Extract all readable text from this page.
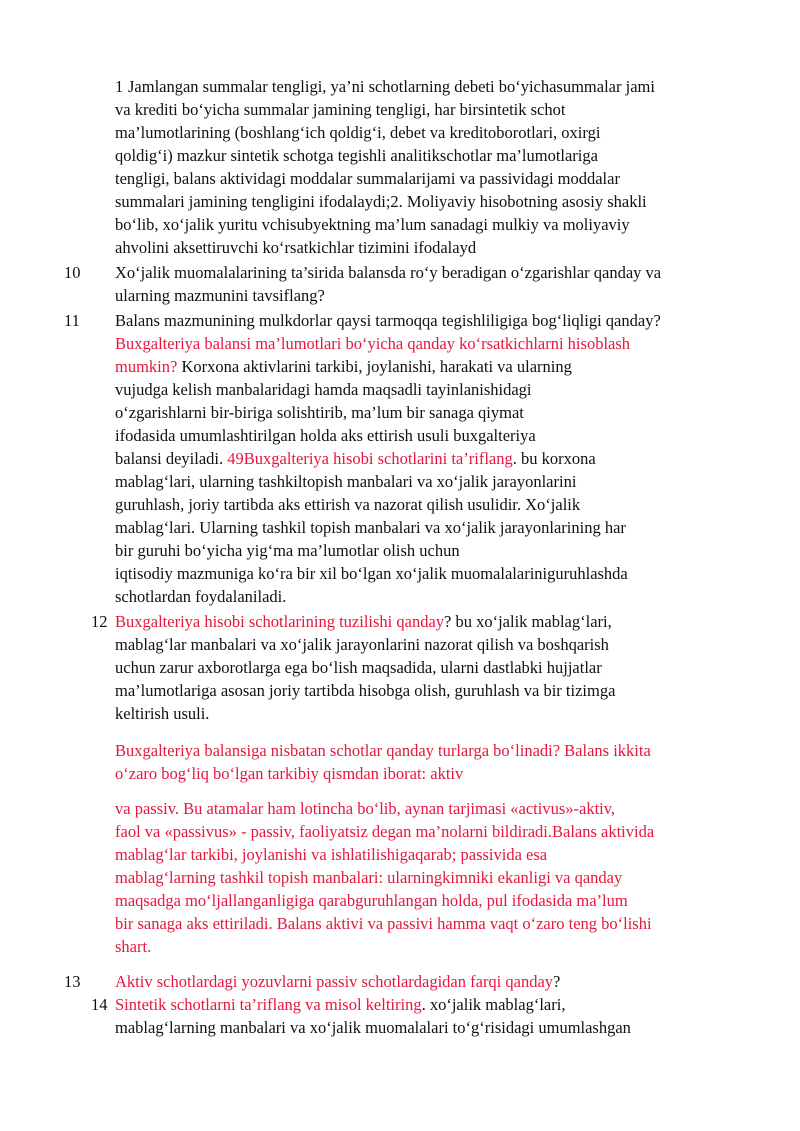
1 Jamlangan summalar tengligi, ya’ni schotlarning debeti bo‘yichasummalar jami
va krediti bo‘yicha summalar jamining tengligi, har birsintetik schot
ma’lumotlarining (boshlang‘ich qoldig‘i, debet va kreditoborotlari, oxirgi
qoldig‘i) mazkur sintetik schotga tegishli analitikschotlar ma’lumotlariga
tengligi, balans aktividagi moddalar summalarijami va passividagi moddalar
summalari jamining tengligini ifodalaydi;2. Moliyaviy hisobotning asosiy shakli
bo‘lib, xo‘jalik yuritu vchisubyektning ma’lum sanadagi mulkiy va moliyaviy
ahvolini aksettiruvchi ko‘rsatkichlar tizimini ifodalayd
10 Xo‘jalik muomalalarining ta’sirida balansda ro‘y beradigan o‘zgarishlar qanday va
ularning mazmunini tavsiflang?
11 Balans mazmunining mulkdorlar qaysi tarmoqqa tegishliligiga bog‘liqligi qanday?
Buxgalteriya balansi ma’lumotlari bo‘yicha qanday ko‘rsatkichlarni hisoblash
mumkin? Korxona aktivlarini tarkibi, joylanishi, harakati va ularning
vujudga kelish manbalaridagi hamda maqsadli tayinlanishidagi
o‘zgarishlarni bir-biriga solishtirib, ma’lum bir sanaga qiymat
ifodasida umumlashtirilgan holda aks ettirish usuli buxgalteriya
balansi deyiladi. 49Buxgalteriya hisobi schotlarini ta’riflang. bu korxona
mablag‘lari, ularning tashkiltopish manbalari va xo‘jalik jarayonlarini
guruhlash, joriy tartibda aks ettirish va nazorat qilish usulidir. Xo‘jalik
mablag‘lari. Ularning tashkil topish manbalari va xo‘jalik jarayonlarining har
bir guruhi bo‘yicha yig‘ma ma’lumotlar olish uchun
iqtisodiy mazmuniga ko‘ra bir xil bo‘lgan xo‘jalik muomalalariniguruhlashda
schotlardan foydalaniladi.
12 Buxgalteriya hisobi schotlarining tuzilishi qanday? bu xo‘jalik mablag‘lari,
mablag‘lar manbalari va xo‘jalik jarayonlarini nazorat qilish va boshqarish
uchun zarur axborotlarga ega bo‘lish maqsadida, ularni dastlabki hujjatlar
ma’lumotlariga asosan joriy tartibda hisobga olish, guruhlash va bir tizimga
keltirish usuli.
Buxgalteriya balansiga nisbatan schotlar qanday turlarga bo‘linadi? Balans ikkita
o‘zaro bog‘liq bo‘lgan tarkibiy qismdan iborat: aktiv
va passiv. Bu atamalar ham lotincha bo‘lib, aynan tarjimasi «activus»-aktiv,
faol va «passivus» - passiv, faoliyatsiz degan ma’nolarni bildiradi.Balans aktivida
mablag‘lar tarkibi, joylanishi va ishlatilishigaqarab; passivida esa
mablag‘larning tashkil topish manbalari: ularningkimniki ekanligi va qanday
maqsadga mo‘ljallanganligiga qarabguruhlangan holda, pul ifodasida ma’lum
bir sanaga aks ettiriladi. Balans aktivi va passivi hamma vaqt o‘zaro teng bo‘lishi
shart.
13 Aktiv schotlardagi yozuvlarni passiv schotlardagidan farqi qanday?
14 Sintetik schotlarni ta’riflang va misol keltiring. xo‘jalik mablag‘lari,
mablag‘larning manbalari va xo‘jalik muomalalari to‘g‘risidagi umumlashgan
